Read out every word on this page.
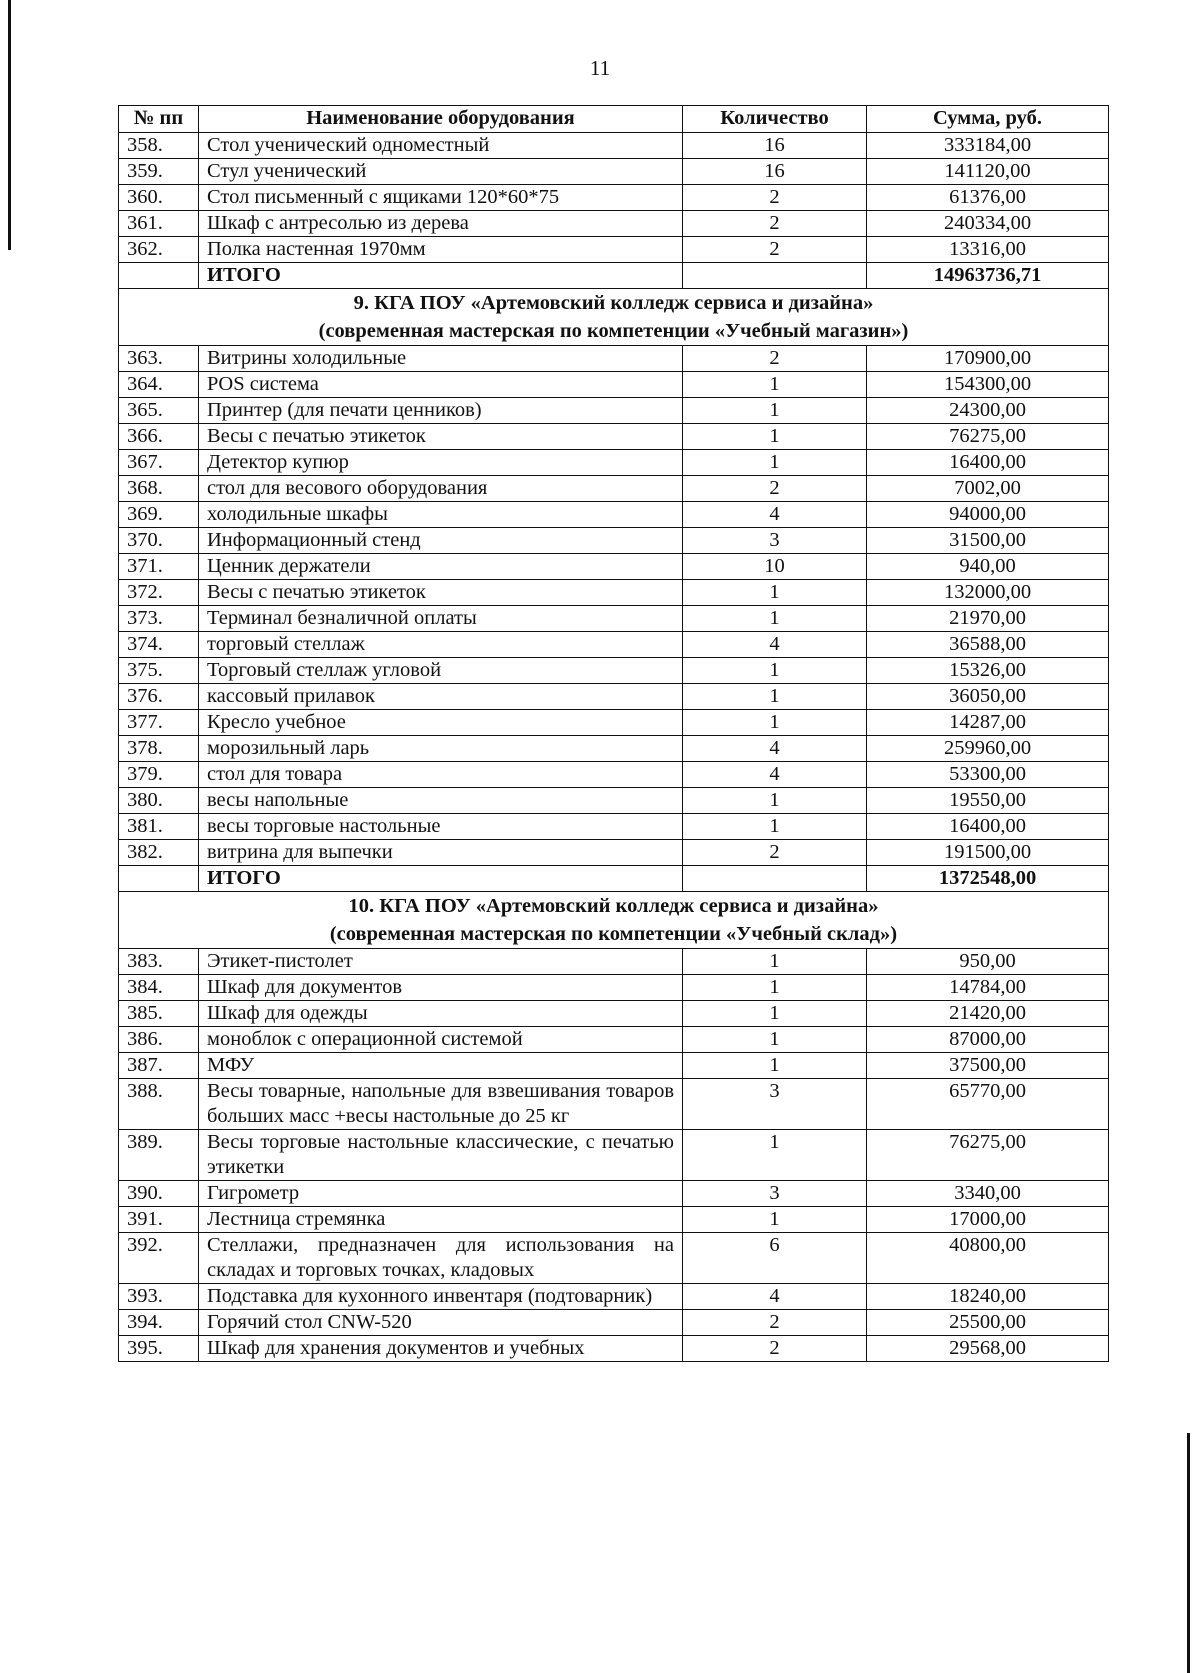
11
№ пп	Наименование оборудования	Количество	Сумма, руб.
358.	Стол ученический одноместный	16	333184,00
359.	Стул ученический	16	141120,00
360.	Стол письменный с ящиками 120*60*75	2	61376,00
361.	Шкаф с антресолью из дерева	2	240334,00
362.	Полка настенная 1970мм	2	13316,00
	ИТОГО		14963736,71

9. КГА ПОУ «Артемовский колледж сервиса и дизайна»
(современная мастерская по компетенции «Учебный магазин»)			

363.	Витрины холодильные	2	170900,00
364.	POS система	1	154300,00
365.	Принтер (для печати ценников)	1	24300,00
366.	Весы с печатью этикеток	1	76275,00
367.	Детектор купюр	1	16400,00
368.	стол для весового оборудования	2	7002,00
369.	холодильные шкафы	4	94000,00
370.	Информационный стенд	3	31500,00
371.	Ценник держатели	10	940,00
372.	Весы с печатью этикеток	1	132000,00
373.	Терминал безналичной оплаты	1	21970,00
374.	торговый стеллаж	4	36588,00
375.	Торговый стеллаж угловой	1	15326,00
376.	кассовый прилавок	1	36050,00
377.	Кресло учебное	1	14287,00
378.	морозильный ларь	4	259960,00
379.	стол для товара	4	53300,00
380.	весы напольные	1	19550,00
381.	весы торговые настольные	1	16400,00
382.	витрина для выпечки	2	191500,00
	ИТОГО		1372548,00

10. КГА ПОУ «Артемовский колледж сервиса и дизайна»
(современная мастерская по компетенции «Учебный склад»)			

383.	Этикет-пистолет	1	950,00
384.	Шкаф для документов	1	14784,00
385.	Шкаф для одежды	1	21420,00
386.	моноблок с операционной системой	1	87000,00
387.	МФУ	1	37500,00
388.	Весы товарные, напольные для взвешивания товаров больших масс +весы настольные до 25 кг	3	65770,00
389.	Весы торговые настольные классические, с печатью этикетки	1	76275,00
390.	Гигрометр	3	3340,00
391.	Лестница стремянка	1	17000,00
392.	Стеллажи, предназначен для использования на складах и торговых точках, кладовых	6	40800,00
393.	Подставка для кухонного инвентаря (подтоварник)	4	18240,00
394.	Горячий стол CNW-520	2	25500,00
395.	Шкаф для хранения документов и учебных	2	29568,00
